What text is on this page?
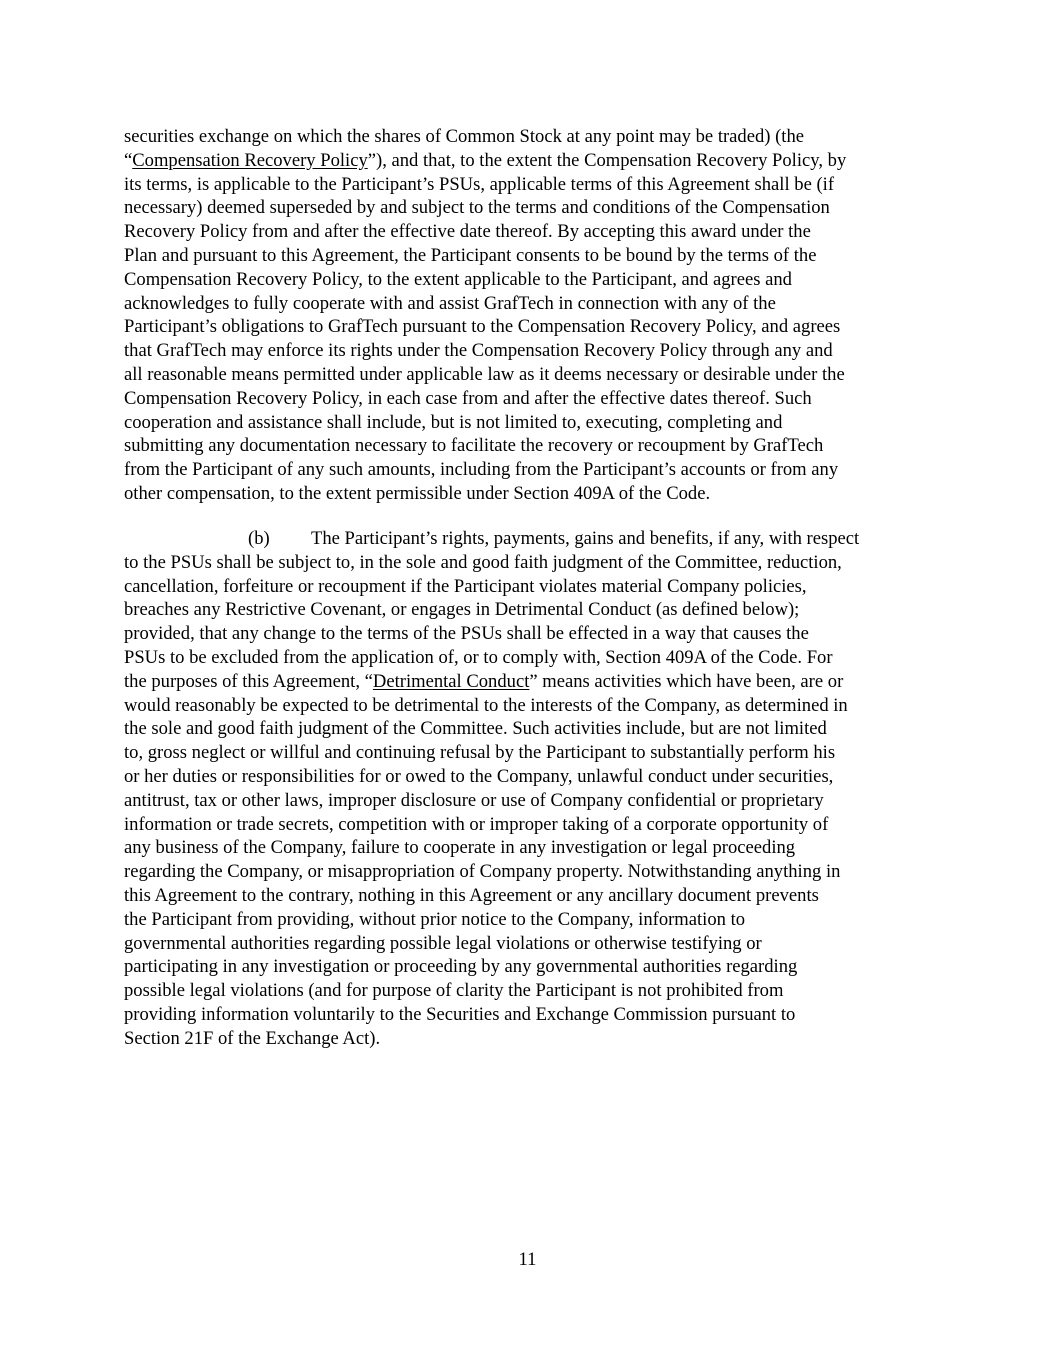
securities exchange on which the shares of Common Stock at any point may be traded) (the
“Compensation Recovery Policy”), and that, to the extent the Compensation Recovery Policy, by
its terms, is applicable to the Participant’s PSUs, applicable terms of this Agreement shall be (if
necessary) deemed superseded by and subject to the terms and conditions of the Compensation
Recovery Policy from and after the effective date thereof. By accepting this award under the
Plan and pursuant to this Agreement, the Participant consents to be bound by the terms of the
Compensation Recovery Policy, to the extent applicable to the Participant, and agrees and
acknowledges to fully cooperate with and assist GrafTech in connection with any of the
Participant’s obligations to GrafTech pursuant to the Compensation Recovery Policy, and agrees
that GrafTech may enforce its rights under the Compensation Recovery Policy through any and
all reasonable means permitted under applicable law as it deems necessary or desirable under the
Compensation Recovery Policy, in each case from and after the effective dates thereof. Such
cooperation and assistance shall include, but is not limited to, executing, completing and
submitting any documentation necessary to facilitate the recovery or recoupment by GrafTech
from the Participant of any such amounts, including from the Participant’s accounts or from any
other compensation, to the extent permissible under Section 409A of the Code.
(b) The Participant’s rights, payments, gains and benefits, if any, with respect
to the PSUs shall be subject to, in the sole and good faith judgment of the Committee, reduction,
cancellation, forfeiture or recoupment if the Participant violates material Company policies,
breaches any Restrictive Covenant, or engages in Detrimental Conduct (as defined below);
provided, that any change to the terms of the PSUs shall be effected in a way that causes the
PSUs to be excluded from the application of, or to comply with, Section 409A of the Code. For
the purposes of this Agreement, “Detrimental Conduct” means activities which have been, are or
would reasonably be expected to be detrimental to the interests of the Company, as determined in
the sole and good faith judgment of the Committee. Such activities include, but are not limited
to, gross neglect or willful and continuing refusal by the Participant to substantially perform his
or her duties or responsibilities for or owed to the Company, unlawful conduct under securities,
antitrust, tax or other laws, improper disclosure or use of Company confidential or proprietary
information or trade secrets, competition with or improper taking of a corporate opportunity of
any business of the Company, failure to cooperate in any investigation or legal proceeding
regarding the Company, or misappropriation of Company property. Notwithstanding anything in
this Agreement to the contrary, nothing in this Agreement or any ancillary document prevents
the Participant from providing, without prior notice to the Company, information to
governmental authorities regarding possible legal violations or otherwise testifying or
participating in any investigation or proceeding by any governmental authorities regarding
possible legal violations (and for purpose of clarity the Participant is not prohibited from
providing information voluntarily to the Securities and Exchange Commission pursuant to
Section 21F of the Exchange Act).
11
